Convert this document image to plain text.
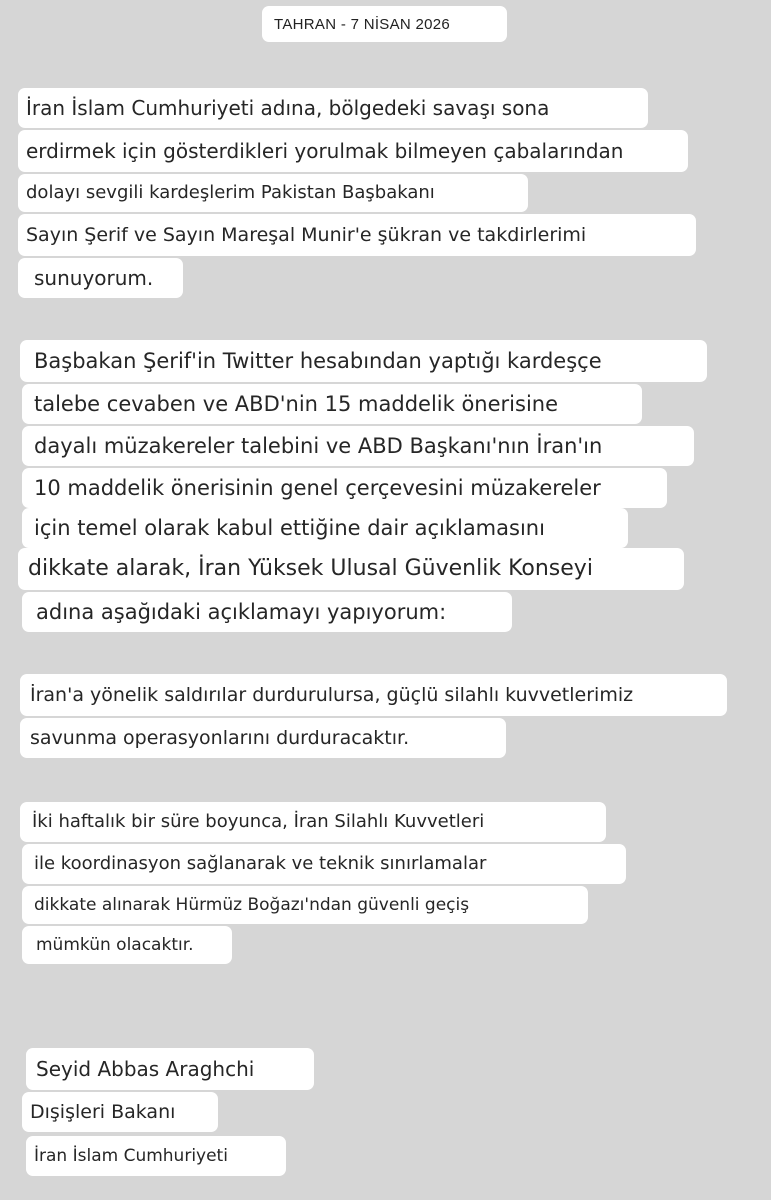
TAHRAN - 7 NİSAN 2026
İran İslam Cumhuriyeti adına, bölgedeki savaşı sona
erdirmek için gösterdikleri yorulmak bilmeyen çabalarından
dolayı sevgili kardeşlerim Pakistan Başbakanı
Sayın Şerif ve Sayın Mareşal Munir'e şükran ve takdirlerimi
sunuyorum.
Başbakan Şerif'in Twitter hesabından yaptığı kardeşçe
talebe cevaben ve ABD'nin 15 maddelik önerisine
dayalı müzakereler talebini ve ABD Başkanı'nın İran'ın
10 maddelik önerisinin genel çerçevesini müzakereler
için temel olarak kabul ettiğine dair açıklamasını
dikkate alarak, İran Yüksek Ulusal Güvenlik Konseyi
adına aşağıdaki açıklamayı yapıyorum:
İran'a yönelik saldırılar durdurulursa, güçlü silahlı kuvvetlerimiz
savunma operasyonlarını durduracaktır.
İki haftalık bir süre boyunca, İran Silahlı Kuvvetleri
ile koordinasyon sağlanarak ve teknik sınırlamalar
dikkate alınarak Hürmüz Boğazı'ndan güvenli geçiş
mümkün olacaktır.
Seyid Abbas Araghchi
Dışişleri Bakanı
İran İslam Cumhuriyeti
